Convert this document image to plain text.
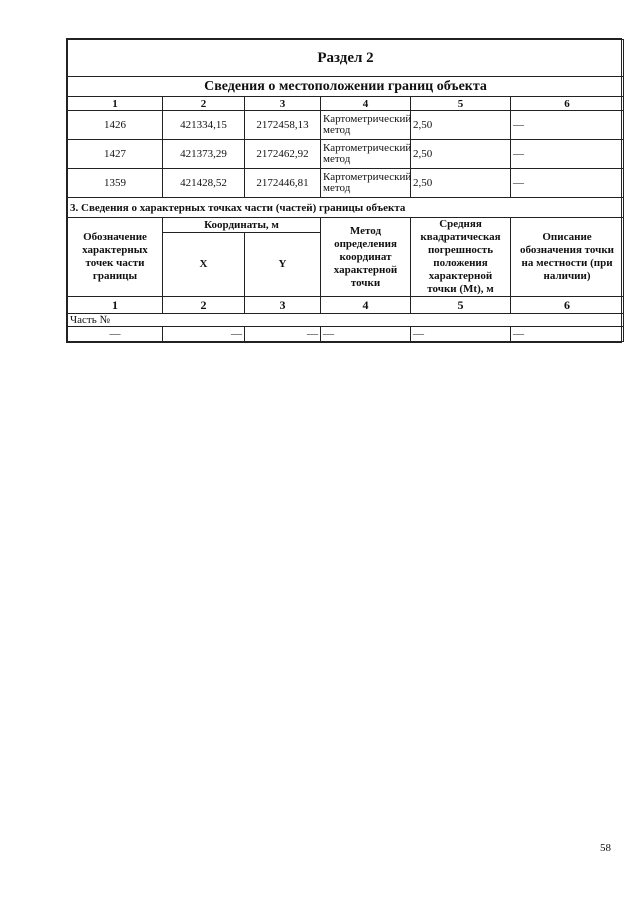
Раздел 2					
Сведения о местоположении границ объекта					
1	2	3	4	5	6
1426	421334,15	2172458,13	Картометрический метод	2,50	—
1427	421373,29	2172462,92	Картометрический метод	2,50	—
1359	421428,52	2172446,81	Картометрический метод	2,50	—
3. Сведения о характерных точках части (частей) границы объекта					
Обозначение характерных точек части границы	Координаты, м		Метод определения координат характерной точки	Средняя квадратическая погрешность положения характерной точки (Mt), м	Описание обозначения точки на местности (при наличии)
	X	Y			
1	2	3	4	5	6
Часть №					
—	—	—	—	—	—
58
